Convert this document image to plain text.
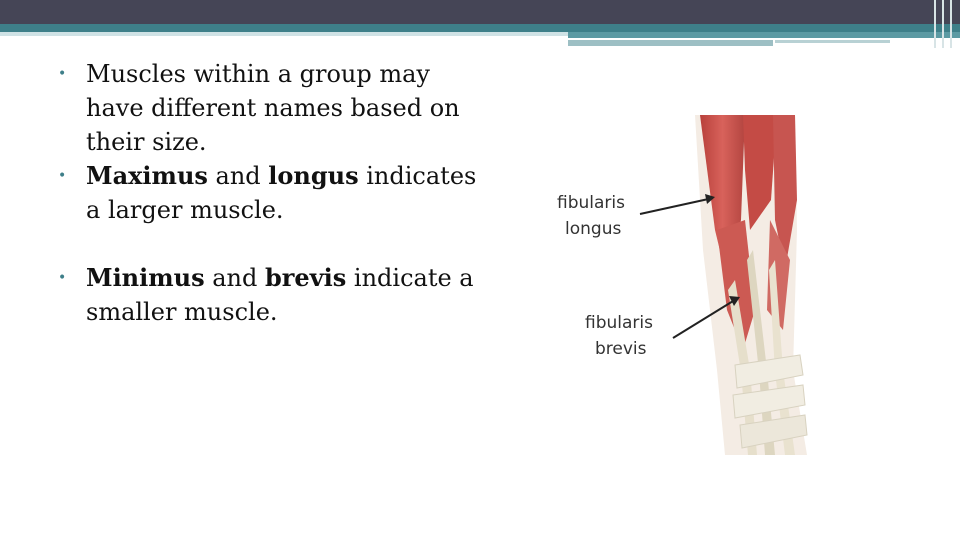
• Muscles within a group may have different names based on their size.
• Maximus and longus indicates a larger muscle.
• Minimus and brevis indicate a smaller muscle.
fibularis
longus
fibularis
brevis
